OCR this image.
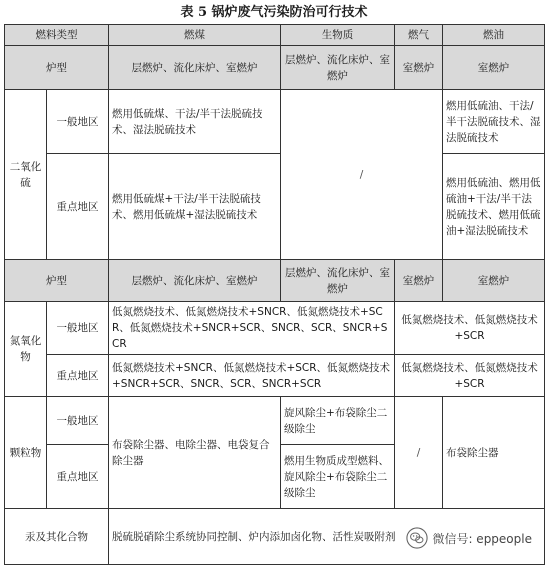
表 5 锅炉废气污染防治可行技术
燃料类型		燃煤	生物质	燃气	燃油
炉型		层燃炉、流化床炉、室燃炉	层燃炉、流化床炉、室燃炉	室燃炉	室燃炉
二氧化硫	一般地区	燃用低硫煤、干法/半干法脱硫技术、湿法脱硫技术	/		燃用低硫油、干法/半干法脱硫技术、湿法脱硫技术
	重点地区	燃用低硫煤+干法/半干法脱硫技术、燃用低硫煤+湿法脱硫技术			燃用低硫油、燃用低硫油+干法/半干法脱硫技术、燃用低硫油+湿法脱硫技术
炉型		层燃炉、流化床炉、室燃炉	层燃炉、流化床炉、室燃炉	室燃炉	室燃炉
氮氧化物	一般地区	低氮燃烧技术、低氮燃烧技术+SNCR、低氮燃烧技术+SCR、低氮燃烧技术+SNCR+SCR、SNCR、SCR、SNCR+SCR		低氮燃烧技术、低氮燃烧技术+SCR	
	重点地区	低氮燃烧技术+SNCR、低氮燃烧技术+SCR、低氮燃烧技术+SNCR+SCR、SNCR、SCR、SNCR+SCR		低氮燃烧技术、低氮燃烧技术+SCR	
颗粒物	一般地区	布袋除尘器、电除尘器、电袋复合除尘器	旋风除尘+布袋除尘二级除尘	/	布袋除尘器
	重点地区		燃用生物质成型燃料、旋风除尘+布袋除尘二级除尘		
汞及其化合物		脱硫脱硝除尘系统协同控制、炉内添加卤化物、活性炭吸附剂				微信号: eppeople
